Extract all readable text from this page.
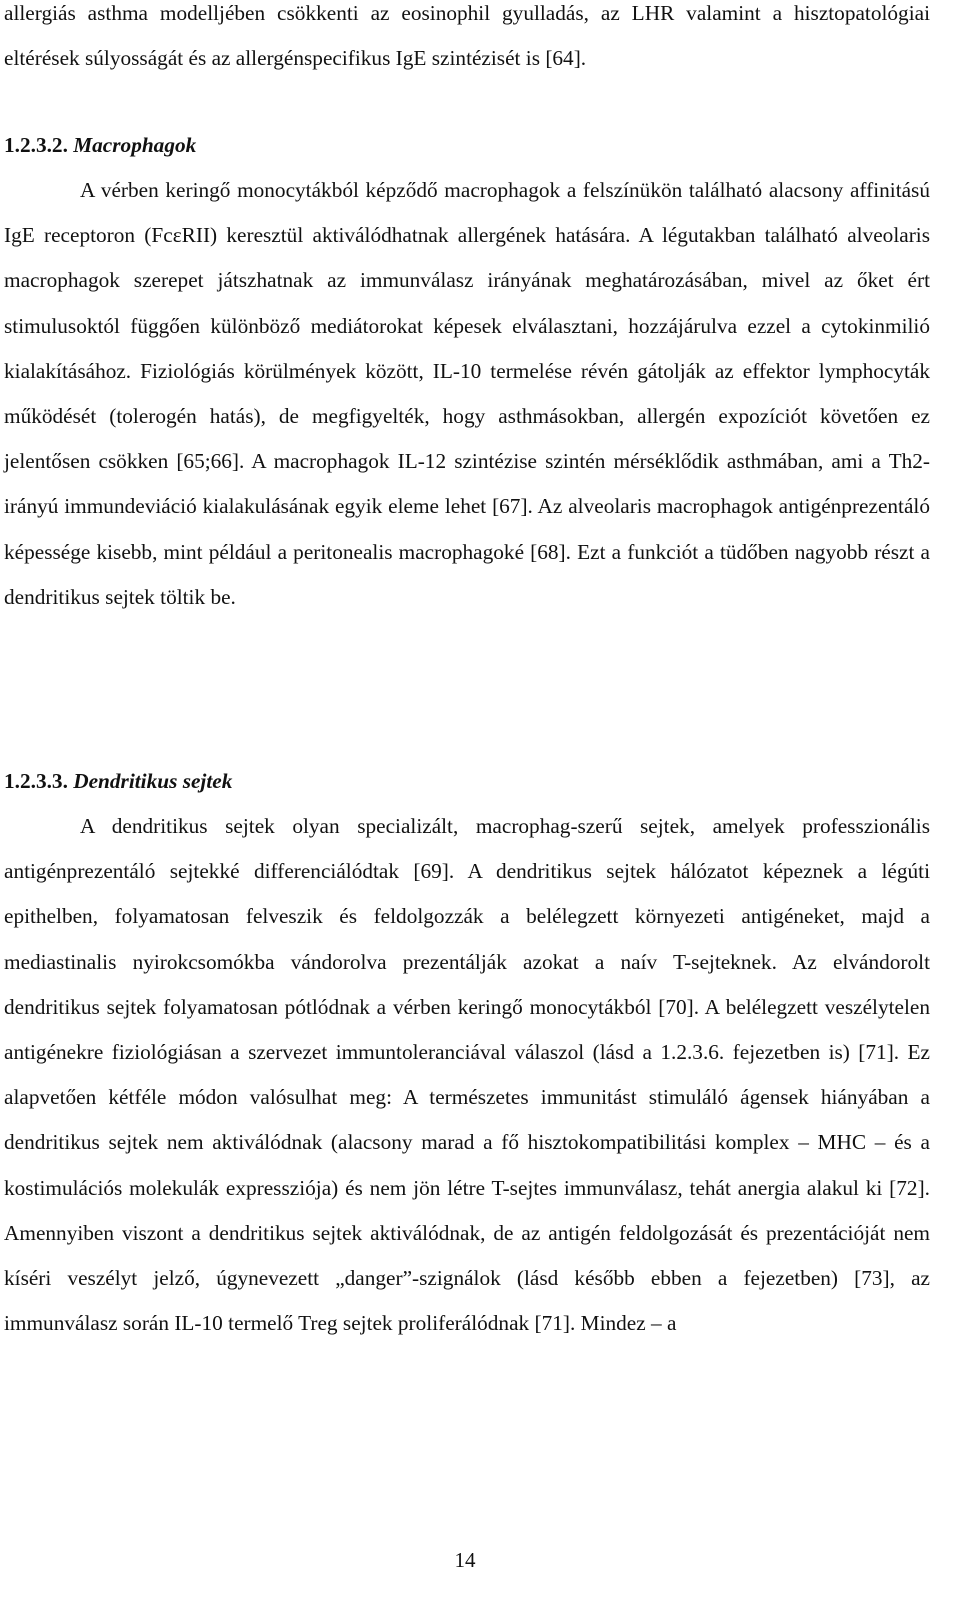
allergiás asthma modelljében csökkenti az eosinophil gyulladás, az LHR valamint a hisztopatológiai eltérések súlyosságát és az allergénspecifikus IgE szintézisét is [64].

1.2.3.2. Macrophagok

A vérben keringő monocytákból képződő macrophagok a felszínükön található alacsony affinitású IgE receptoron (FcεRII) keresztül aktiválódhatnak allergének hatására. A légutakban található alveolaris macrophagok szerepet játszhatnak az immunválasz irányának meghatározásában, mivel az őket ért stimulusoktól függően különböző mediátorokat képesek elválasztani, hozzájárulva ezzel a cytokinmilió kialakításához. Fiziológiás körülmények között, IL-10 termelése révén gátolják az effektor lymphocyták működését (tolerogén hatás), de megfigyelték, hogy asthmásokban, allergén expozíciót követően ez jelentősen csökken [65;66]. A macrophagok IL-12 szintézise szintén mérséklődik asthmában, ami a Th2-irányú immundeviáció kialakulásának egyik eleme lehet [67]. Az alveolaris macrophagok antigénprezentáló képessége kisebb, mint például a peritonealis macrophagoké [68]. Ezt a funkciót a tüdőben nagyobb részt a dendritikus sejtek töltik be.

1.2.3.3. Dendritikus sejtek

A dendritikus sejtek olyan specializált, macrophag-szerű sejtek, amelyek professzionális antigénprezentáló sejtekké differenciálódtak [69]. A dendritikus sejtek hálózatot képeznek a légúti epithelben, folyamatosan felveszik és feldolgozzák a belélegzett környezeti antigéneket, majd a mediastinalis nyirokcsomókba vándorolva prezentálják azokat a naív T-sejteknek. Az elvándorolt dendritikus sejtek folyamatosan pótlódnak a vérben keringő monocytákból [70]. A belélegzett veszélytelen antigénekre fiziológiásan a szervezet immuntoleranciával válaszol (lásd a 1.2.3.6. fejezetben is) [71]. Ez alapvetően kétféle módon valósulhat meg: A természetes immunitást stimuláló ágensek hiányában a dendritikus sejtek nem aktiválódnak (alacsony marad a fő hisztokompatibilitási komplex – MHC – és a kostimulációs molekulák expressziója) és nem jön létre T-sejtes immunválasz, tehát anergia alakul ki [72]. Amennyiben viszont a dendritikus sejtek aktiválódnak, de az antigén feldolgozását és prezentációját nem kíséri veszélyt jelző, úgynevezett „danger”-szignálok (lásd később ebben a fejezetben) [73], az immunválasz során IL-10 termelő Treg sejtek proliferálódnak [71]. Mindez – a

14
